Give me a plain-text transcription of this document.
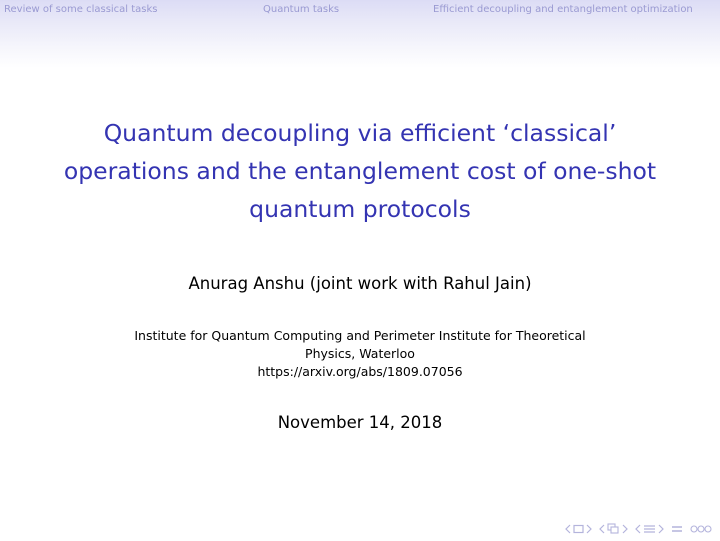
Review of some classical tasks	Quantum tasks	Efficient decoupling and entanglement optimization
Quantum decoupling via efficient ‘classical’
operations and the entanglement cost of one-shot
quantum protocols
Anurag Anshu (joint work with Rahul Jain)
Institute for Quantum Computing and Perimeter Institute for Theoretical
Physics, Waterloo
https://arxiv.org/abs/1809.07056
November 14, 2018
